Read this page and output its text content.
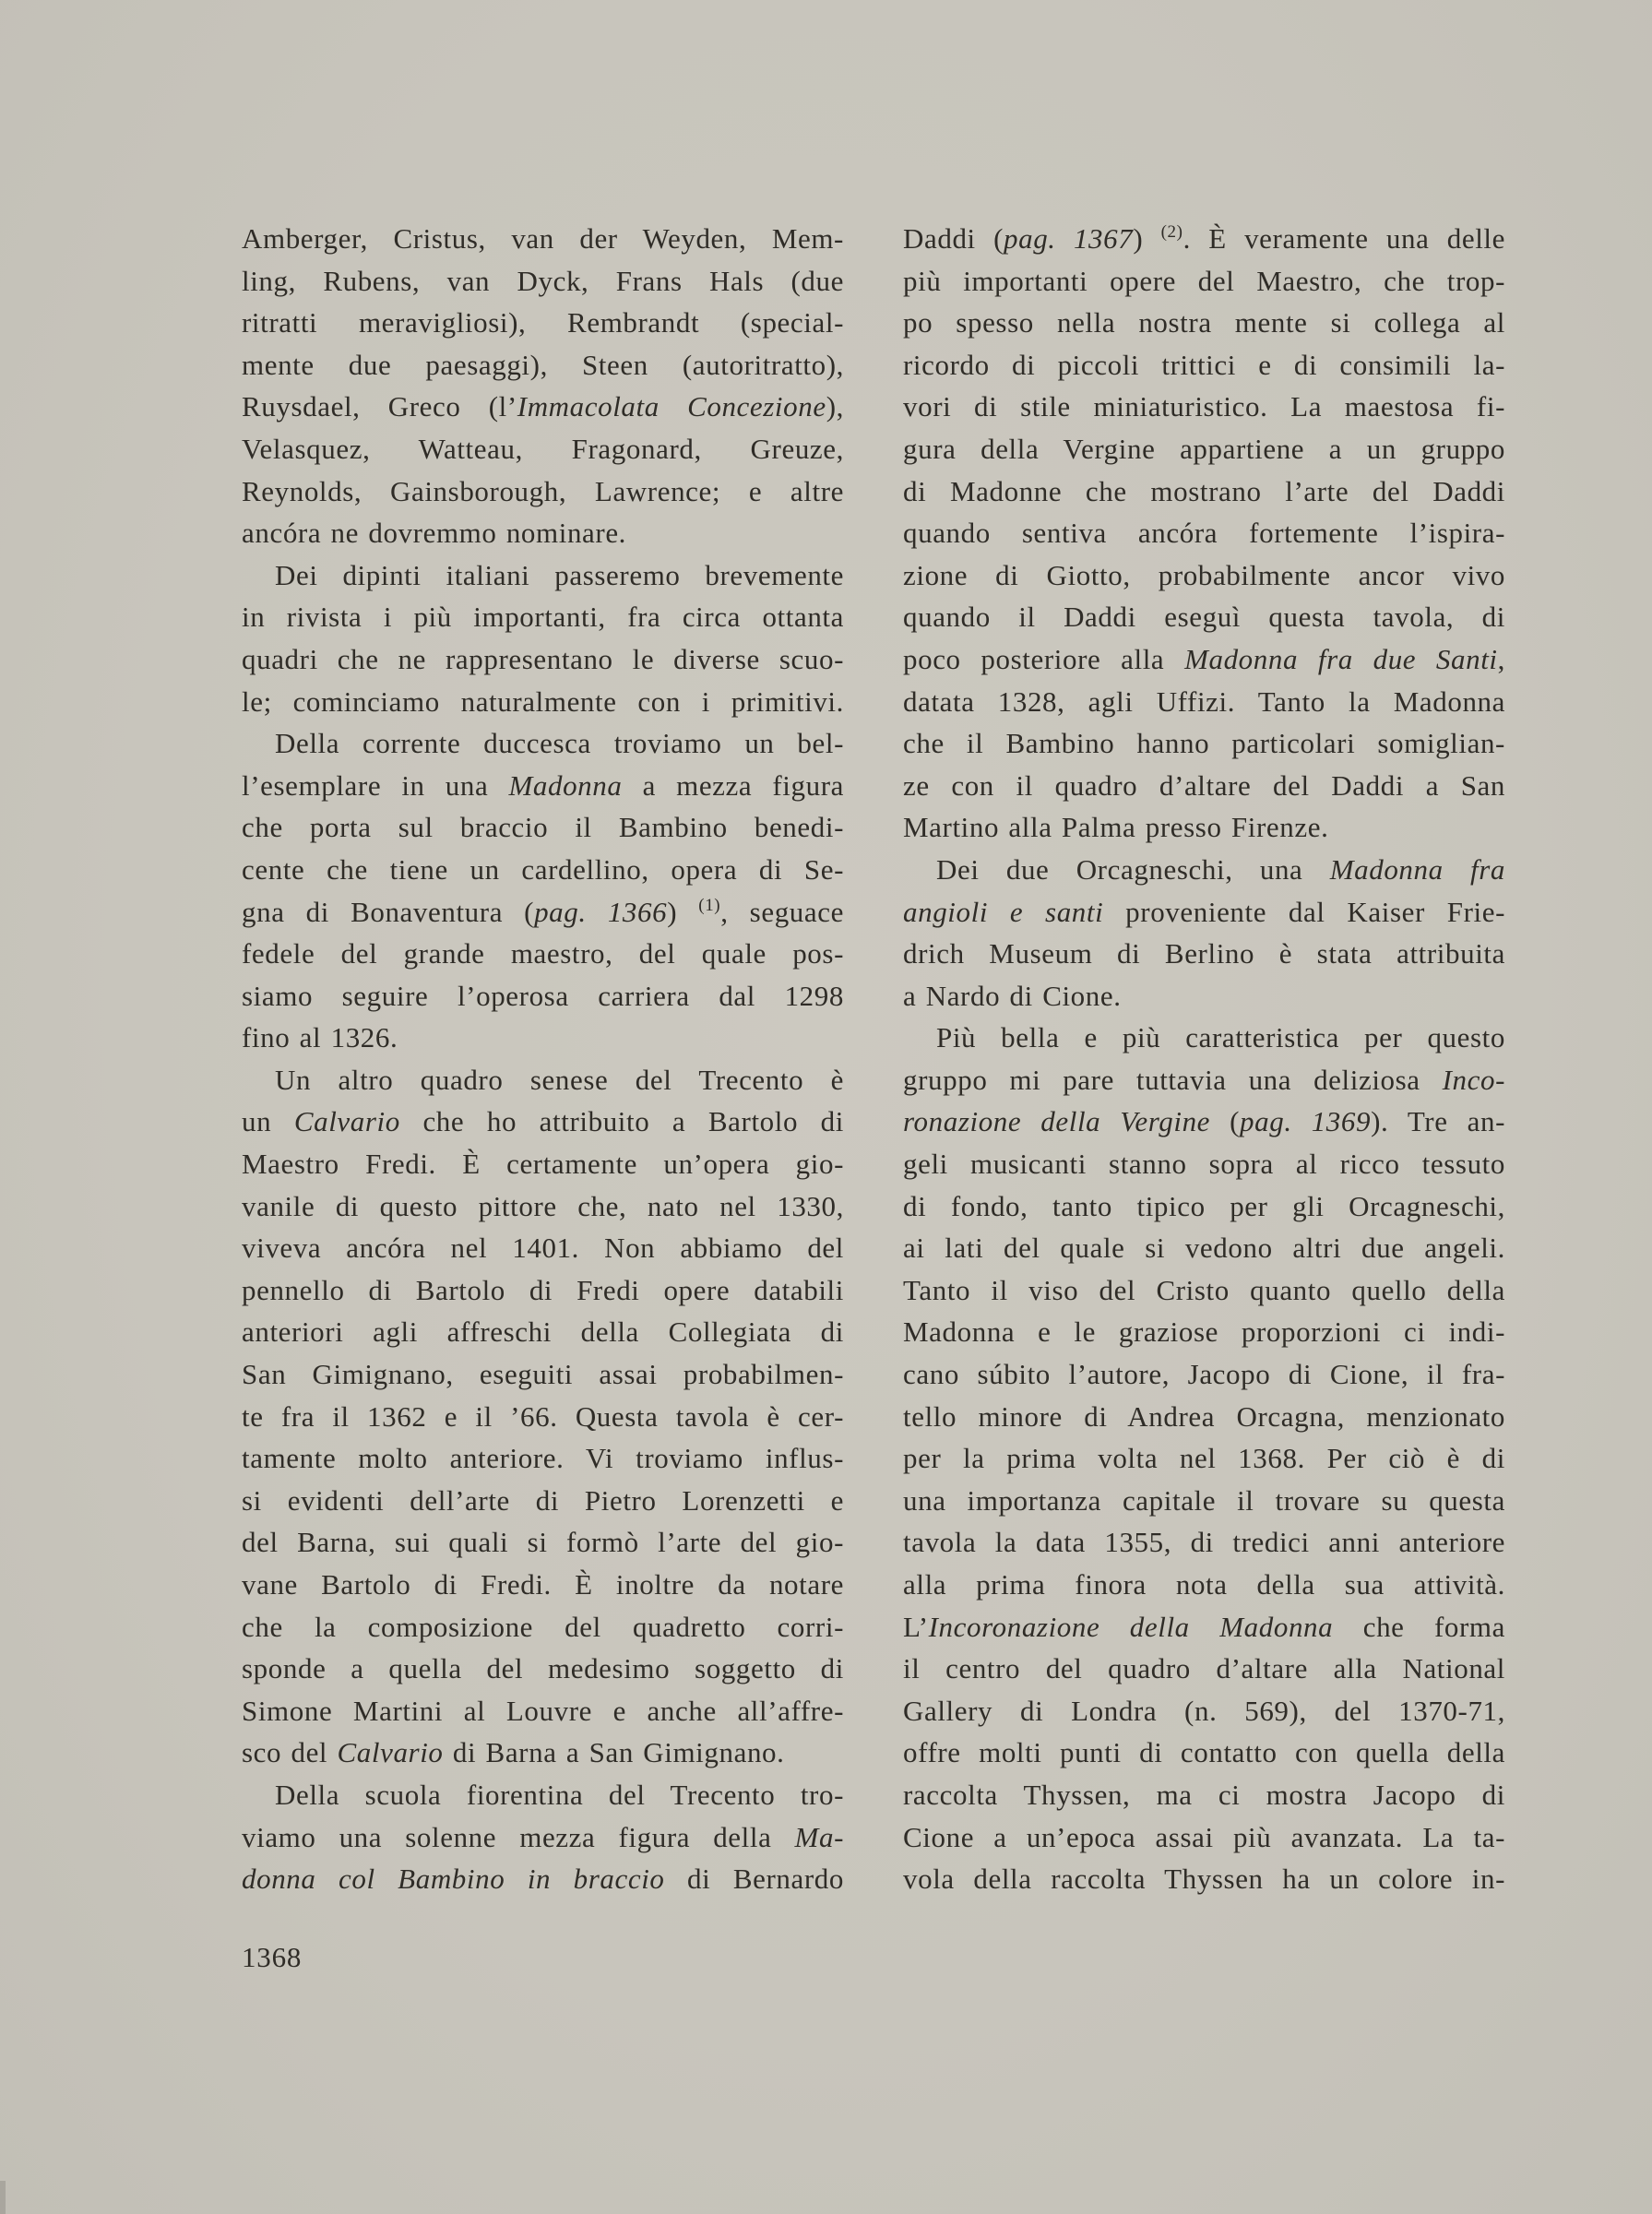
Amberger, Cristus, van der Weyden, Mem-
ling, Rubens, van Dyck, Frans Hals (due
ritratti meravigliosi), Rembrandt (special-
mente due paesaggi), Steen (autoritratto),
Ruysdael, Greco (l’Immacolata Concezione),
Velasquez, Watteau, Fragonard, Greuze,
Reynolds, Gainsborough, Lawrence; e altre
ancóra ne dovremmo nominare.
Dei dipinti italiani passeremo brevemente
in rivista i più importanti, fra circa ottanta
quadri che ne rappresentano le diverse scuo-
le; cominciamo naturalmente con i primitivi.
Della corrente duccesca troviamo un bel-
l’esemplare in una Madonna a mezza figura
che porta sul braccio il Bambino benedi-
cente che tiene un cardellino, opera di Se-
gna di Bonaventura (pag. 1366) $^{(1)}$, seguace
fedele del grande maestro, del quale pos-
siamo seguire l’operosa carriera dal 1298
fino al 1326.
Un altro quadro senese del Trecento è
un Calvario che ho attribuito a Bartolo di
Maestro Fredi. È certamente un’opera gio-
vanile di questo pittore che, nato nel 1330,
viveva ancóra nel 1401. Non abbiamo del
pennello di Bartolo di Fredi opere databili
anteriori agli affreschi della Collegiata di
San Gimignano, eseguiti assai probabilmen-
te fra il 1362 e il ’66. Questa tavola è cer-
tamente molto anteriore. Vi troviamo influs-
si evidenti dell’arte di Pietro Lorenzetti e
del Barna, sui quali si formò l’arte del gio-
vane Bartolo di Fredi. È inoltre da notare
che la composizione del quadretto corri-
sponde a quella del medesimo soggetto di
Simone Martini al Louvre e anche all’affre-
sco del Calvario di Barna a San Gimignano.
Della scuola fiorentina del Trecento tro-
viamo una solenne mezza figura della Ma-
donna col Bambino in braccio di Bernardo
Daddi (pag. 1367) $^{(2)}$. È veramente una delle
più importanti opere del Maestro, che trop-
po spesso nella nostra mente si collega al
ricordo di piccoli trittici e di consimili la-
vori di stile miniaturistico. La maestosa fi-
gura della Vergine appartiene a un gruppo
di Madonne che mostrano l’arte del Daddi
quando sentiva ancóra fortemente l’ispira-
zione di Giotto, probabilmente ancor vivo
quando il Daddi eseguì questa tavola, di
poco posteriore alla Madonna fra due Santi,
datata 1328, agli Uffizi. Tanto la Madonna
che il Bambino hanno particolari somiglian-
ze con il quadro d’altare del Daddi a San
Martino alla Palma presso Firenze.
Dei due Orcagneschi, una Madonna fra
angioli e santi proveniente dal Kaiser Frie-
drich Museum di Berlino è stata attribuita
a Nardo di Cione.
Più bella e più caratteristica per questo
gruppo mi pare tuttavia una deliziosa Inco-
ronazione della Vergine (pag. 1369). Tre an-
geli musicanti stanno sopra al ricco tessuto
di fondo, tanto tipico per gli Orcagneschi,
ai lati del quale si vedono altri due angeli.
Tanto il viso del Cristo quanto quello della
Madonna e le graziose proporzioni ci indi-
cano súbito l’autore, Jacopo di Cione, il fra-
tello minore di Andrea Orcagna, menzionato
per la prima volta nel 1368. Per ciò è di
una importanza capitale il trovare su questa
tavola la data 1355, di tredici anni anteriore
alla prima finora nota della sua attività.
L’Incoronazione della Madonna che forma
il centro del quadro d’altare alla National
Gallery di Londra (n. 569), del 1370-71,
offre molti punti di contatto con quella della
raccolta Thyssen, ma ci mostra Jacopo di
Cione a un’epoca assai più avanzata. La ta-
vola della raccolta Thyssen ha un colore in-
1368
